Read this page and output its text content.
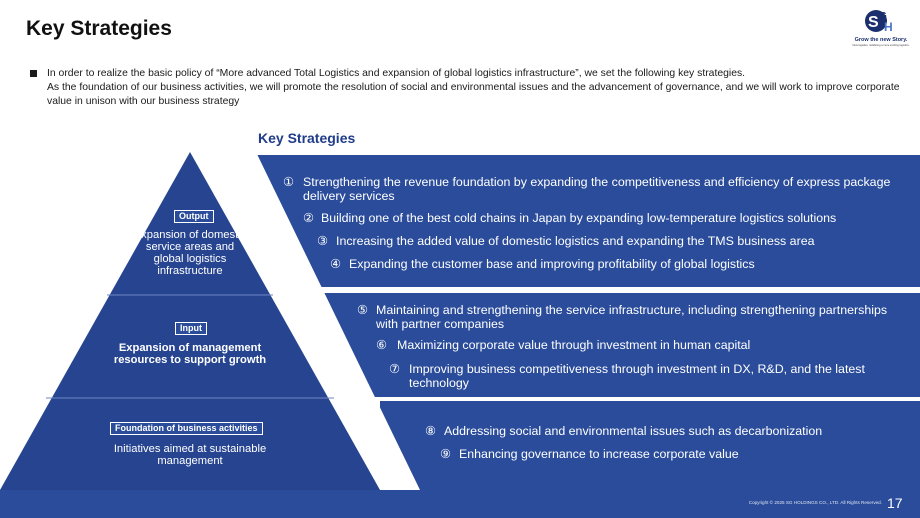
Key Strategies	S G
H
Grow the new Story.
New logistics, redefining a more exciting logistics.
In order to realize the basic policy of “More advanced Total Logistics and expansion of global logistics infrastructure”, we set the following key strategies.
As the foundation of our business activities, we will promote the resolution of social and environmental issues and the advancement of governance, and we will work to improve corporate value in unison with our business strategy
Key Strategies
Output
Expansion of domestic service areas and global logistics infrastructure
Input
Expansion of management resources to support growth
Foundation of business activities
Initiatives aimed at sustainable management
① Strengthening the revenue foundation by expanding the competitiveness and efficiency of express package delivery services
② Building one of the best cold chains in Japan by expanding low-temperature logistics solutions
③ Increasing the added value of domestic logistics and expanding the TMS business area
④ Expanding the customer base and improving profitability of global logistics
⑤ Maintaining and strengthening the service infrastructure, including strengthening partnerships with partner companies
⑥ Maximizing corporate value through investment in human capital
⑦ Improving business competitiveness through investment in DX, R&D, and the latest technology
⑧ Addressing social and environmental issues such as decarbonization
⑨ Enhancing governance to increase corporate value
Copyright © 2025 SG HOLDINGS CO., LTD. All Rights Reserved. 17
